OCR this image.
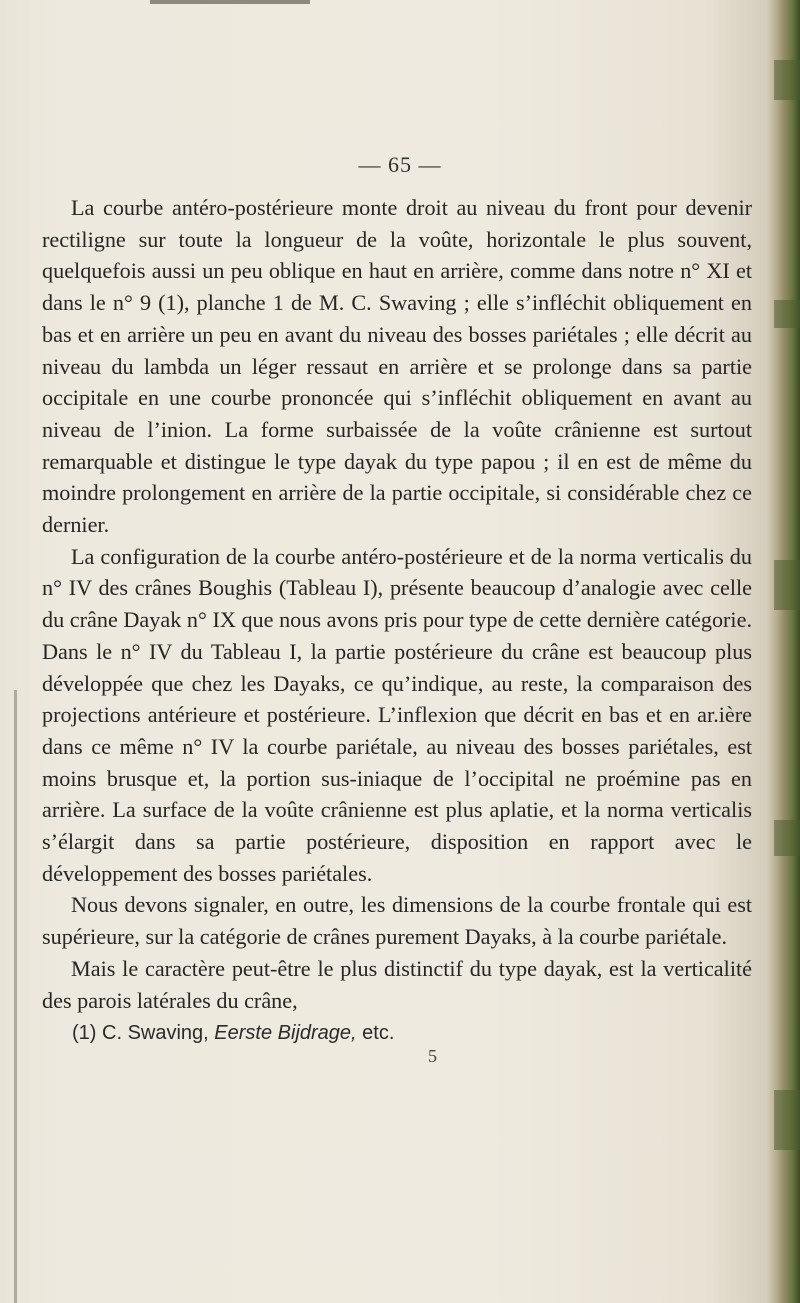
— 65 —

La courbe antéro-postérieure monte droit au niveau du front pour devenir rectiligne sur toute la longueur de la voûte, horizontale le plus souvent, quelquefois aussi un peu oblique en haut en arrière, comme dans notre n° XI et dans le n° 9 (1), planche 1 de M. C. Swaving ; elle s’infléchit obliquement en bas et en arrière un peu en avant du niveau des bosses pariétales ; elle décrit au niveau du lambda un léger ressaut en arrière et se prolonge dans sa partie occipitale en une courbe prononcée qui s’infléchit obliquement en avant au niveau de l’inion. La forme surbaissée de la voûte crânienne est surtout remarquable et distingue le type dayak du type papou ; il en est de même du moindre prolongement en arrière de la partie occipitale, si considérable chez ce dernier.

La configuration de la courbe antéro-postérieure et de la norma verticalis du n° IV des crânes Boughis (Tableau I), présente beaucoup d’analogie avec celle du crâne Dayak n° IX que nous avons pris pour type de cette dernière catégorie. Dans le n° IV du Tableau I, la partie postérieure du crâne est beaucoup plus développée que chez les Dayaks, ce qu’indique, au reste, la comparaison des projections antérieure et postérieure. L’inflexion que décrit en bas et en ar.ière dans ce même n° IV la courbe pariétale, au niveau des bosses pariétales, est moins brusque et, la portion sus-iniaque de l’occipital ne proémine pas en arrière. La surface de la voûte crânienne est plus aplatie, et la norma verticalis s’élargit dans sa partie postérieure, disposition en rapport avec le développement des bosses pariétales.

Nous devons signaler, en outre, les dimensions de la courbe frontale qui est supérieure, sur la catégorie de crânes purement Dayaks, à la courbe pariétale.

Mais le caractère peut-être le plus distinctif du type dayak, est la verticalité des parois latérales du crâne,

(1) C. Swaving, Eerste Bijdrage, etc.
5
